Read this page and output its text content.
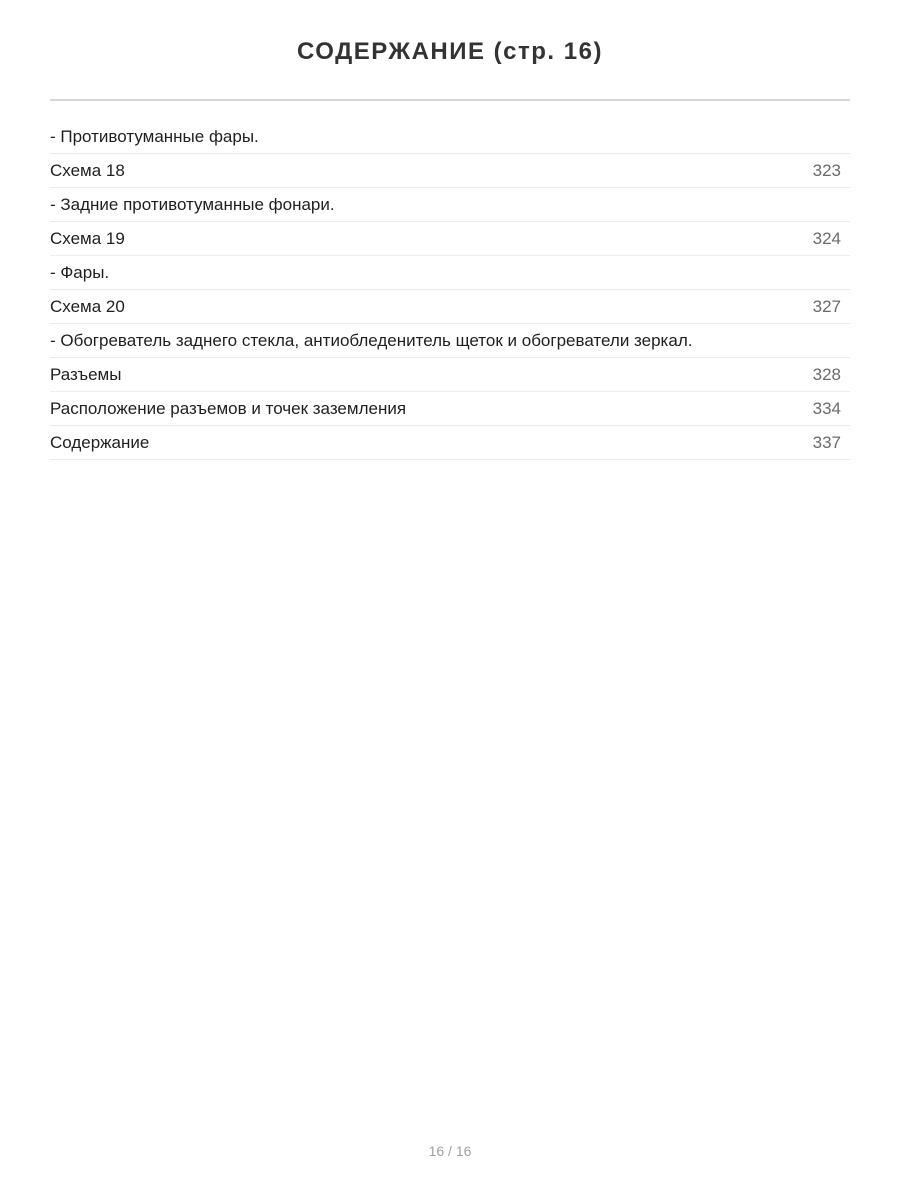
СОДЕРЖАНИЕ (стр. 16)
- Противотуманные фары.
Схема 18	323
- Задние противотуманные фонари.
Схема 19	324
- Фары.
Схема 20	327
- Обогреватель заднего стекла, антиобледенитель щеток и обогреватели зеркал.
Разъемы	328
Расположение разъемов и точек заземления	334
Содержание	337
16 / 16
